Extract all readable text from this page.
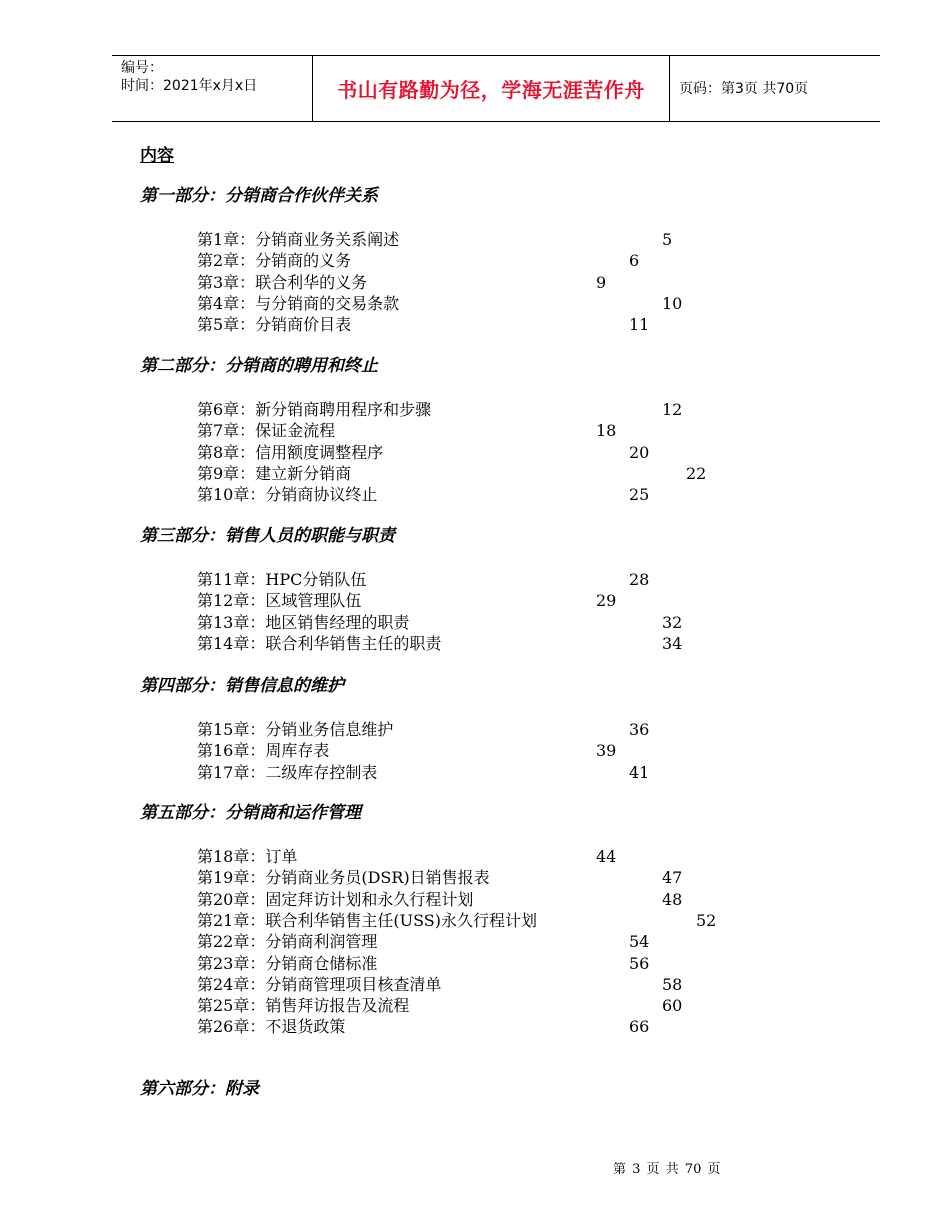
编号：
时间：2021年x月x日	书山有路勤为径，学海无涯苦作舟	页码：第3页 共70页
内容
第一部分：分销商合作伙伴关系
第1章：分销商业务关系阐述	5
第2章：分销商的义务	6
第3章：联合利华的义务	9
第4章：与分销商的交易条款	10
第5章：分销商价目表	11
第二部分：分销商的聘用和终止
第6章：新分销商聘用程序和步骤	12
第7章：保证金流程	18
第8章：信用额度调整程序	20
第9章：建立新分销商	22
第10章：分销商协议终止	25
第三部分：销售人员的职能与职责
第11章：HPC分销队伍	28
第12章：区域管理队伍	29
第13章：地区销售经理的职责	32
第14章：联合利华销售主任的职责	34
第四部分：销售信息的维护
第15章：分销业务信息维护	36
第16章：周库存表	39
第17章：二级库存控制表	41
第五部分：分销商和运作管理
第18章：订单	44
第19章：分销商业务员(DSR)日销售报表	47
第20章：固定拜访计划和永久行程计划	48
第21章：联合利华销售主任(USS)永久行程计划	52
第22章：分销商利润管理	54
第23章：分销商仓储标准	56
第24章：分销商管理项目核查清单	58
第25章：销售拜访报告及流程	60
第26章：不退货政策	66
第六部分：附录
第 3 页 共 70 页
